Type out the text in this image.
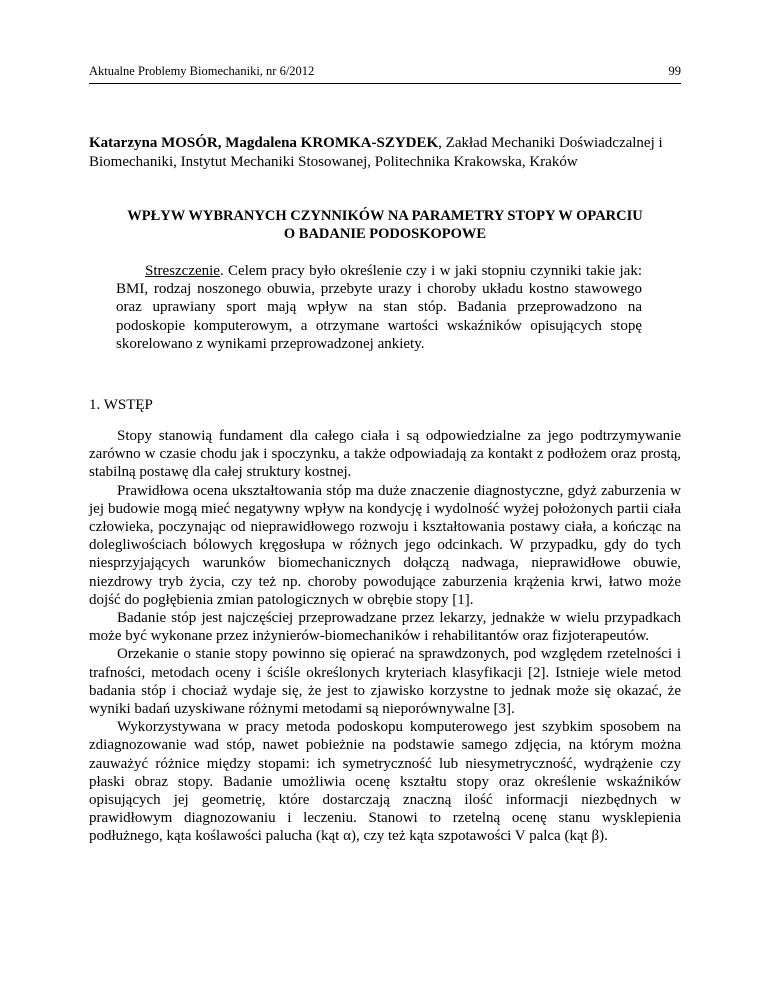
Aktualne Problemy Biomechaniki, nr 6/2012	99
Katarzyna MOSÓR, Magdalena KROMKA-SZYDEK, Zakład Mechaniki Doświadczalnej i Biomechaniki, Instytut Mechaniki Stosowanej, Politechnika Krakowska, Kraków
WPŁYW WYBRANYCH CZYNNIKÓW NA PARAMETRY STOPY W OPARCIU
O BADANIE PODOSKOPOWE
Streszczenie. Celem pracy było określenie czy i w jaki stopniu czynniki takie jak: BMI, rodzaj noszonego obuwia, przebyte urazy i choroby układu kostno stawowego oraz uprawiany sport mają wpływ na stan stóp. Badania przeprowadzono na podoskopie komputerowym, a otrzymane wartości wskaźników opisujących stopę skorelowano z wynikami przeprowadzonej ankiety.
1. WSTĘP

Stopy stanowią fundament dla całego ciała i są odpowiedzialne za jego podtrzymywanie zarówno w czasie chodu jak i spoczynku, a także odpowiadają za kontakt z podłożem oraz prostą, stabilną postawę dla całej struktury kostnej.

Prawidłowa ocena ukształtowania stóp ma duże znaczenie diagnostyczne, gdyż zaburzenia w jej budowie mogą mieć negatywny wpływ na kondycję i wydolność wyżej położonych partii ciała człowieka, poczynając od nieprawidłowego rozwoju i kształtowania postawy ciała, a kończąc na dolegliwościach bólowych kręgosłupa w różnych jego odcinkach. W przypadku, gdy do tych niesprzyjających warunków biomechanicznych dołączą nadwaga, nieprawidłowe obuwie, niezdrowy tryb życia, czy też np. choroby powodujące zaburzenia krążenia krwi, łatwo może dojść do pogłębienia zmian patologicznych w obrębie stopy [1].

Badanie stóp jest najczęściej przeprowadzane przez lekarzy, jednakże w wielu przypadkach może być wykonane przez inżynierów-biomechaników i rehabilitantów oraz fizjoterapeutów.

Orzekanie o stanie stopy powinno się opierać na sprawdzonych, pod względem rzetelności i trafności, metodach oceny i ściśle określonych kryteriach klasyfikacji [2]. Istnieje wiele metod badania stóp i chociaż wydaje się, że jest to zjawisko korzystne to jednak może się okazać, że wyniki badań uzyskiwane różnymi metodami są nieporównywalne [3].

Wykorzystywana w pracy metoda podoskopu komputerowego jest szybkim sposobem na zdiagnozowanie wad stóp, nawet pobieżnie na podstawie samego zdjęcia, na którym można zauważyć różnice między stopami: ich symetryczność lub niesymetryczność, wydrążenie czy płaski obraz stopy. Badanie umożliwia ocenę kształtu stopy oraz określenie wskaźników opisujących jej geometrię, które dostarczają znaczną ilość informacji niezbędnych w prawidłowym diagnozowaniu i leczeniu. Stanowi to rzetelną ocenę stanu wysklepienia podłużnego, kąta koślawości palucha (kąt α), czy też kąta szpotawości V palca (kąt β).
